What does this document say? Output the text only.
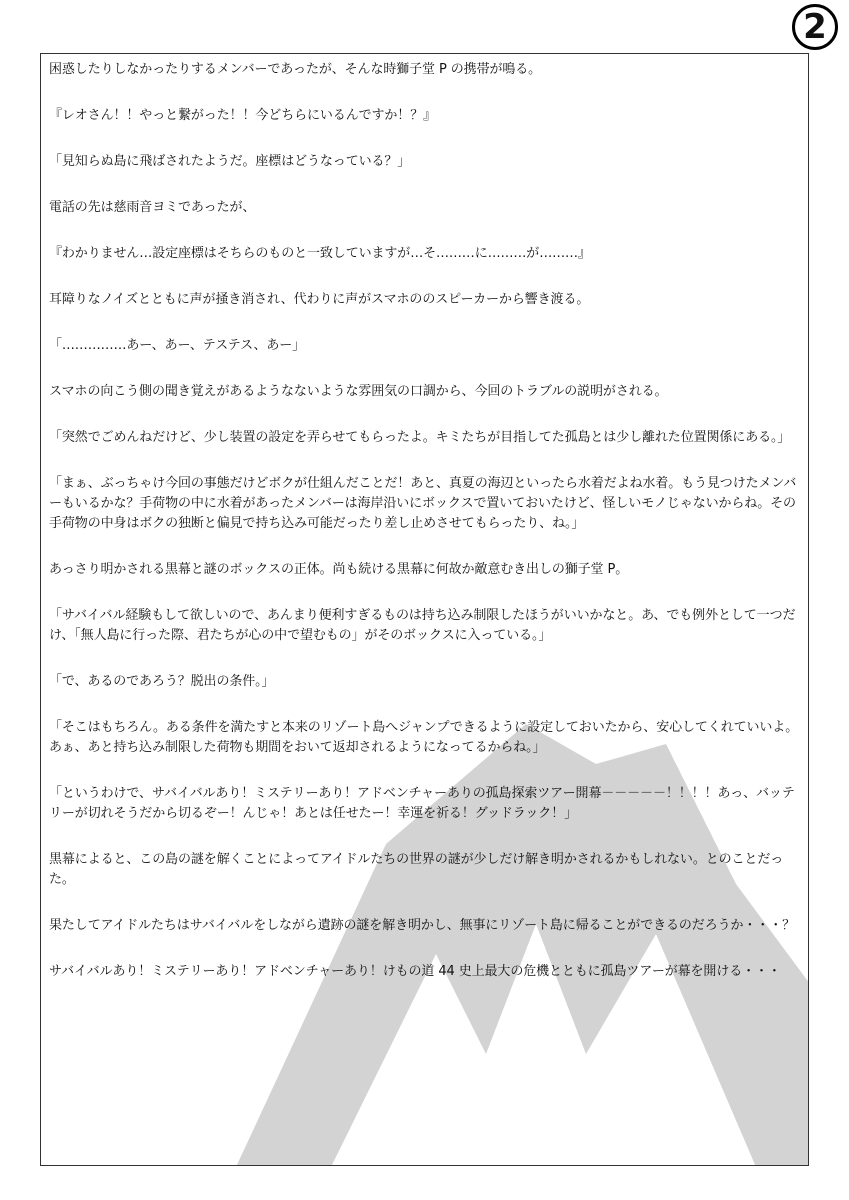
2

困惑したりしなかったりするメンバーであったが、そんな時獅子堂 P の携帯が鳴る。

『レオさん！！やっと繋がった！！今どちらにいるんですか！？』

「見知らぬ島に飛ばされたようだ。座標はどうなっている？」

電話の先は慈雨音ヨミであったが、

『わかりません…設定座標はそちらのものと一致していますが…そ………に………が………』

耳障りなノイズとともに声が掻き消され、代わりに声がスマホののスピーカーから響き渡る。

「……………あー、あー、テステス、あー」

スマホの向こう側の聞き覚えがあるようなないような雰囲気の口調から、今回のトラブルの説明がされる。

「突然でごめんねだけど、少し装置の設定を弄らせてもらったよ。キミたちが目指してた孤島とは少し離れた位置関係にある。」

「まぁ、ぶっちゃけ今回の事態だけどボクが仕組んだことだ！あと、真夏の海辺といったら水着だよね水着。もう見つけたメンバーもいるかな？手荷物の中に水着があったメンバーは海岸沿いにボックスで置いておいたけど、怪しいモノじゃないからね。その手荷物の中身はボクの独断と偏見で持ち込み可能だったり差し止めさせてもらったり、ね。」

あっさり明かされる黒幕と謎のボックスの正体。尚も続ける黒幕に何故か敵意むき出しの獅子堂 P。

「サバイバル経験もして欲しいので、あんまり便利すぎるものは持ち込み制限したほうがいいかなと。あ、でも例外として一つだけ、「無人島に行った際、君たちが心の中で望むもの」がそのボックスに入っている。」

「で、あるのであろう？脱出の条件。」

「そこはもちろん。ある条件を満たすと本来のリゾート島へジャンプできるように設定しておいたから、安心してくれていいよ。あぁ、あと持ち込み制限した荷物も期間をおいて返却されるようになってるからね。」

「というわけで、サバイバルあり！ミステリーあり！アドベンチャーありの孤島探索ツアー開幕－－－－－！！！！あっ、バッテリーが切れそうだから切るぞー！んじゃ！あとは任せたー！幸運を祈る！グッドラック！」

黒幕によると、この島の謎を解くことによってアイドルたちの世界の謎が少しだけ解き明かされるかもしれない。とのことだった。

果たしてアイドルたちはサバイバルをしながら遺跡の謎を解き明かし、無事にリゾート島に帰ることができるのだろうか・・・？

サバイバルあり！ミステリーあり！アドベンチャーあり！けもの道 44 史上最大の危機とともに孤島ツアーが幕を開ける・・・
